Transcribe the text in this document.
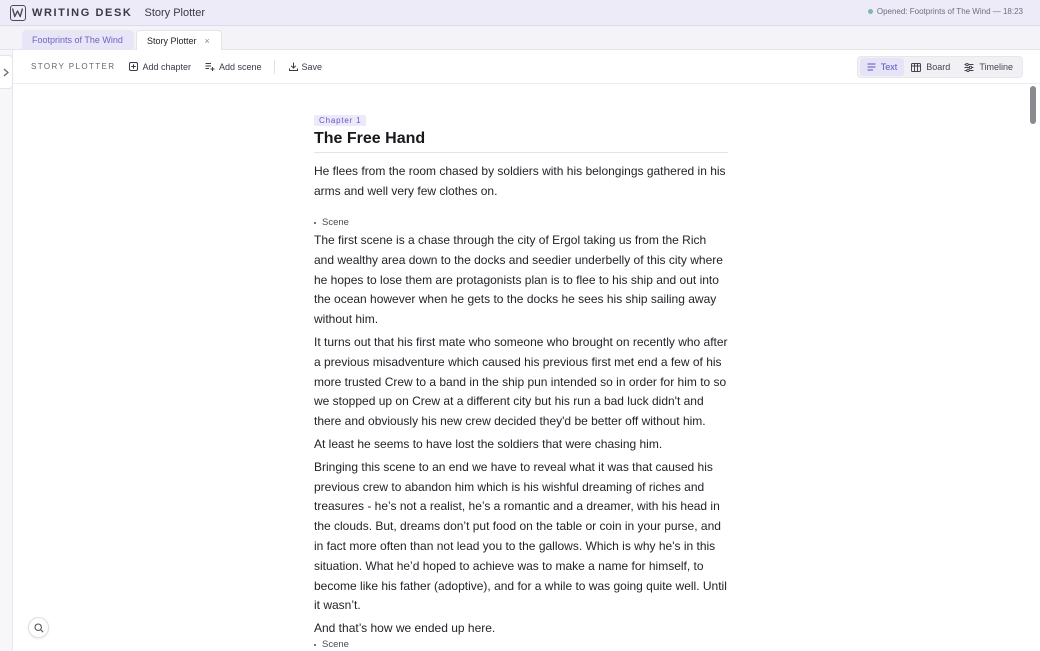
WRITING DESK Story Plotter	Opened: Footprints of The Wind — 18:23
Footprints of The Wind	Story Plotter ×
STORY PLOTTER	Add chapter	Add scene	Save	Text	Board	Timeline
Chapter 1
The Free Hand

He flees from the room chased by soldiers with his belongings gathered in his arms and well very few clothes on.

Scene

The first scene is a chase through the city of Ergol taking us from the Rich and wealthy area down to the docks and seedier underbelly of this city where he hopes to lose them are protagonists plan is to flee to his ship and out into the ocean however when he gets to the docks he sees his ship sailing away without him.

It turns out that his first mate who someone who brought on recently who after a previous misadventure which caused his previous first met end a few of his more trusted Crew to a band in the ship pun intended so in order for him to so we stopped up on Crew at a different city but his run a bad luck didn't and there and obviously his new crew decided they'd be better off without him.

At least he seems to have lost the soldiers that were chasing him.

Bringing this scene to an end we have to reveal what it was that caused his previous crew to abandon him which is his wishful dreaming of riches and treasures - he’s not a realist, he’s a romantic and a dreamer, with his head in the clouds. But, dreams don’t put food on the table or coin in your purse, and in fact more often than not lead you to the gallows. Which is why he's in this situation. What he’d hoped to achieve was to make a name for himself, to become like his father (adoptive), and for a while to was going quite well. Until it wasn’t.

And that’s how we ended up here.

Scene
